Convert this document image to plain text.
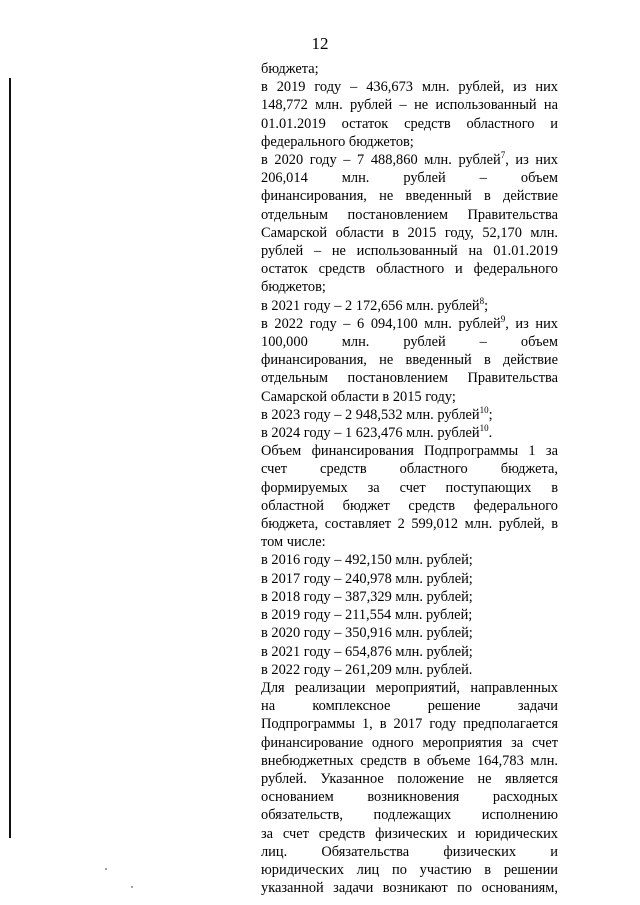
12
бюджета;
в 2019 году – 436,673 млн. рублей, из них
148,772 млн. рублей – не использованный на
01.01.2019 остаток средств областного и
федерального бюджетов;
в 2020 году – 7 488,860 млн. рублей$^7$, из них
206,014 млн. рублей – объем
финансирования, не введенный в действие
отдельным постановлением Правительства
Самарской области в 2015 году, 52,170 млн.
рублей – не использованный на 01.01.2019
остаток средств областного и федерального
бюджетов;
в 2021 году – 2 172,656 млн. рублей$^8$;
в 2022 году – 6 094,100 млн. рублей$^9$, из них
100,000 млн. рублей – объем
финансирования, не введенный в действие
отдельным постановлением Правительства
Самарской области в 2015 году;
в 2023 году – 2 948,532 млн. рублей$^{10}$;
в 2024 году – 1 623,476 млн. рублей$^{10}$.
Объем финансирования Подпрограммы 1 за
счет средств областного бюджета,
формируемых за счет поступающих в
областной бюджет средств федерального
бюджета, составляет 2 599,012 млн. рублей, в
том числе:
в 2016 году – 492,150 млн. рублей;
в 2017 году – 240,978 млн. рублей;
в 2018 году – 387,329 млн. рублей;
в 2019 году – 211,554 млн. рублей;
в 2020 году – 350,916 млн. рублей;
в 2021 году – 654,876 млн. рублей;
в 2022 году – 261,209 млн. рублей.
Для реализации мероприятий, направленных
на комплексное решение задачи
Подпрограммы 1, в 2017 году предполагается
финансирование одного мероприятия за счет
внебюджетных средств в объеме 164,783 млн.
рублей. Указанное положение не является
основанием возникновения расходных
обязательств, подлежащих исполнению
за счет средств физических и юридических
лиц. Обязательства физических и
юридических лиц по участию в решении
указанной задачи возникают по основаниям,
